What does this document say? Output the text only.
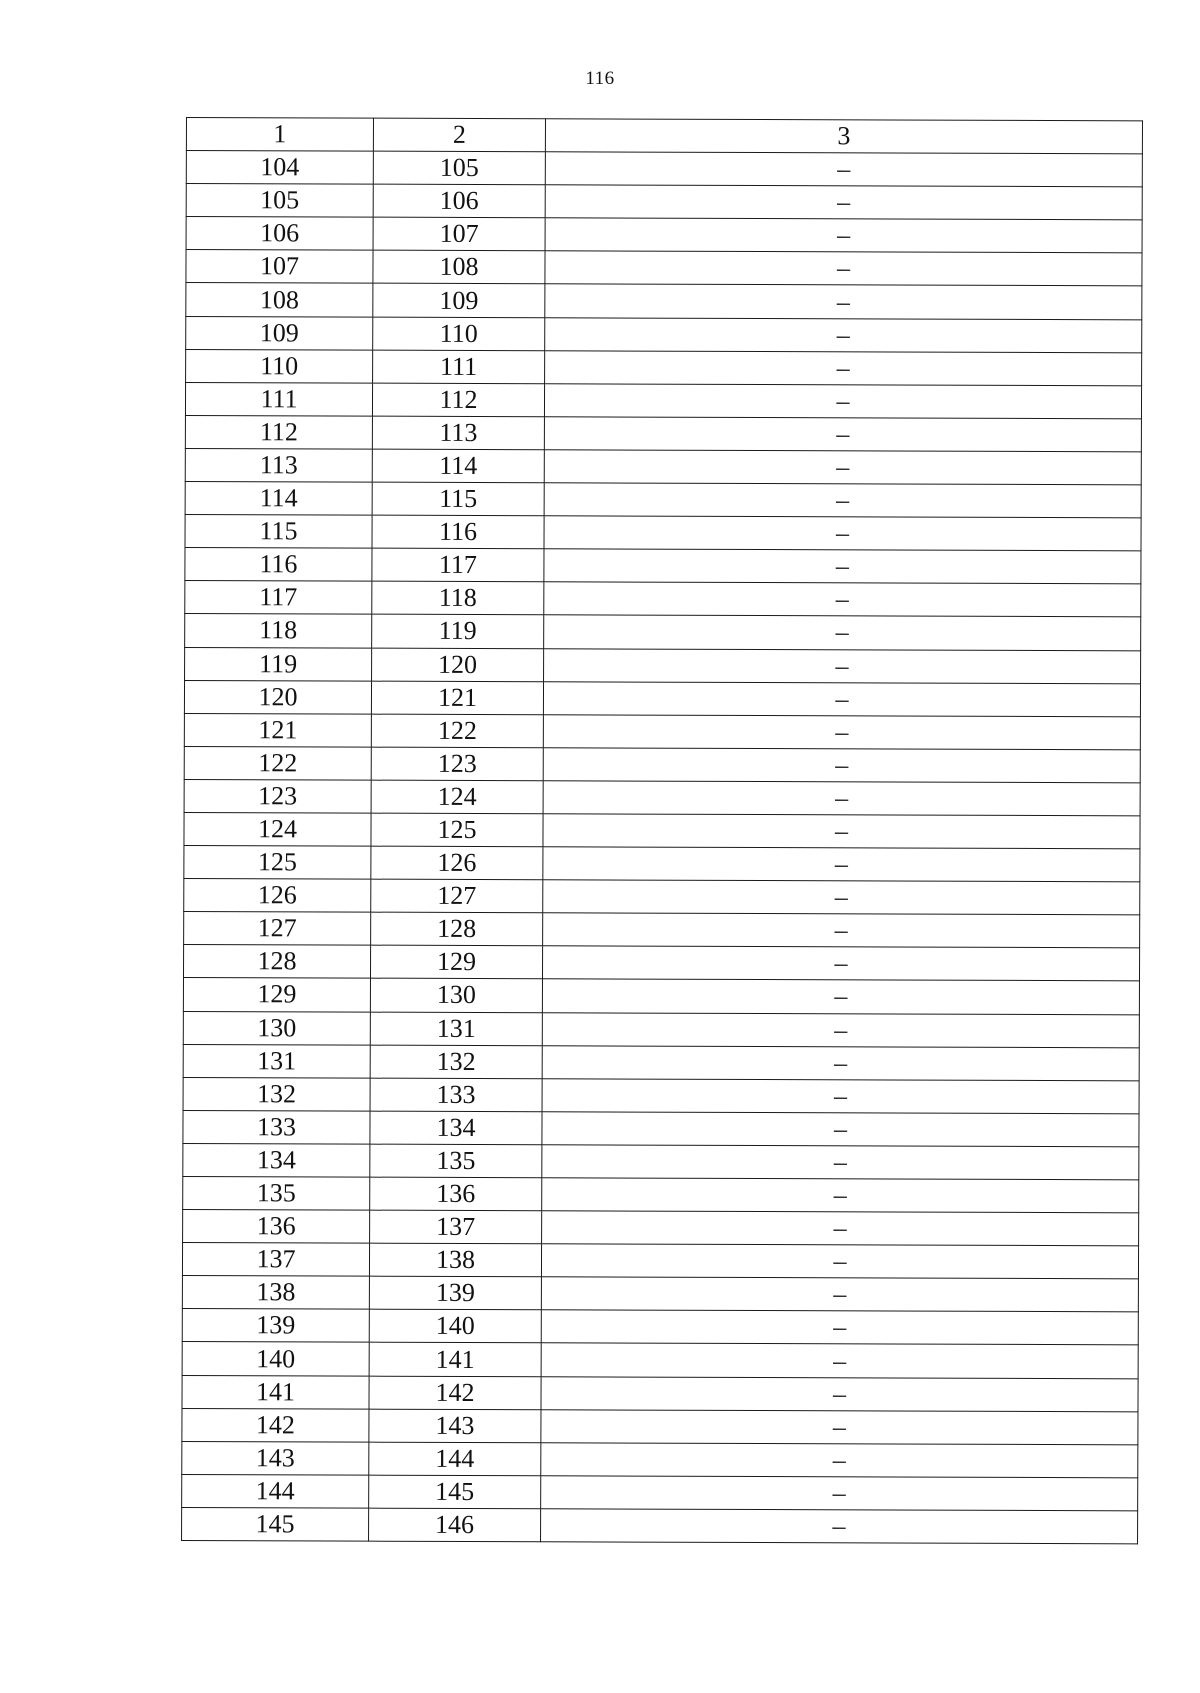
116
1	2	3
104	105	–
105	106	–
106	107	–
107	108	–
108	109	–
109	110	–
110	111	–
111	112	–
112	113	–
113	114	–
114	115	–
115	116	–
116	117	–
117	118	–
118	119	–
119	120	–
120	121	–
121	122	–
122	123	–
123	124	–
124	125	–
125	126	–
126	127	–
127	128	–
128	129	–
129	130	–
130	131	–
131	132	–
132	133	–
133	134	–
134	135	–
135	136	–
136	137	–
137	138	–
138	139	–
139	140	–
140	141	–
141	142	–
142	143	–
143	144	–
144	145	–
145	146	–
